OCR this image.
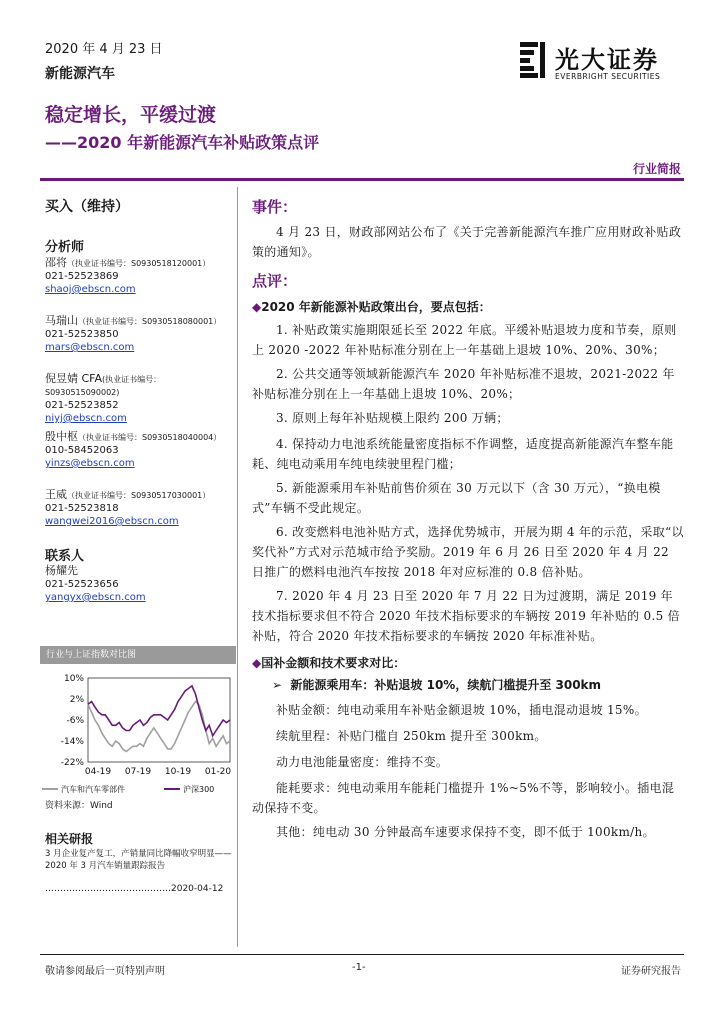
2020 年 4 月 23 日
新能源汽车	光大证券
EVERBRIGHT SECURITIES
稳定增长，平缓过渡
——2020 年新能源汽车补贴政策点评
行业简报
买入（维持）
分析师
邵将（执业证书编号：S0930518120001）
021-52523869
shaoj@ebscn.com
马瑞山（执业证书编号：S0930518080001）
021-52523850
mars@ebscn.com
倪昱婧 CFA(执业证书编号：S0930515090002)
021-52523852
niyj@ebscn.com
殷中枢（执业证书编号：S0930518040004）
010-58452063
yinzs@ebscn.com
王威（执业证书编号：S0930517030001）
021-52523818
wangwei2016@ebscn.com
联系人
杨耀先
021-52523656
yangyx@ebscn.com
行业与上证指数对比图
10%
2%
-6%
-14%
-22%
04-19 07-19 10-19 01-20
汽车和汽车零部件	沪深300
资料来源：Wind
相关研报
3 月企业复产复工，产销量同比降幅收窄明显——2020 年 3 月汽车销量跟踪报告
……………………………………2020-04-12
事件：
4 月 23 日，财政部网站公布了《关于完善新能源汽车推广应用财政补贴政策的通知》。
点评：
◆2020 年新能源补贴政策出台，要点包括：
1. 补贴政策实施期限延长至 2022 年底。平缓补贴退坡力度和节奏，原则上 2020 -2022 年补贴标准分别在上一年基础上退坡 10%、20%、30%；
2. 公共交通等领域新能源汽车 2020 年补贴标准不退坡，2021-2022 年补贴标准分别在上一年基础上退坡 10%、20%；
3. 原则上每年补贴规模上限约 200 万辆；
4. 保持动力电池系统能量密度指标不作调整，适度提高新能源汽车整车能耗、纯电动乘用车纯电续驶里程门槛；
5. 新能源乘用车补贴前售价须在 30 万元以下（含 30 万元），“换电模式”车辆不受此规定。
6. 改变燃料电池补贴方式，选择优势城市，开展为期 4 年的示范，采取“以奖代补”方式对示范城市给予奖励。2019 年 6 月 26 日至 2020 年 4 月 22 日推广的燃料电池汽车按按 2018 年对应标准的 0.8 倍补贴。
7. 2020 年 4 月 23 日至 2020 年 7 月 22 日为过渡期，满足 2019 年技术指标要求但不符合 2020 年技术指标要求的车辆按 2019 年补贴的 0.5 倍补贴，符合 2020 年技术指标要求的车辆按 2020 年标准补贴。
◆国补金额和技术要求对比：
➢  新能源乘用车：补贴退坡 10%，续航门槛提升至 300km
补贴金额：纯电动乘用车补贴金额退坡 10%，插电混动退坡 15%。
续航里程：补贴门槛自 250km 提升至 300km。
动力电池能量密度：维持不变。
能耗要求：纯电动乘用车能耗门槛提升 1%~5%不等，影响较小。插电混动保持不变。
其他：纯电动 30 分钟最高车速要求保持不变，即不低于 100km/h。
敬请参阅最后一页特别声明	-1-	证券研究报告
